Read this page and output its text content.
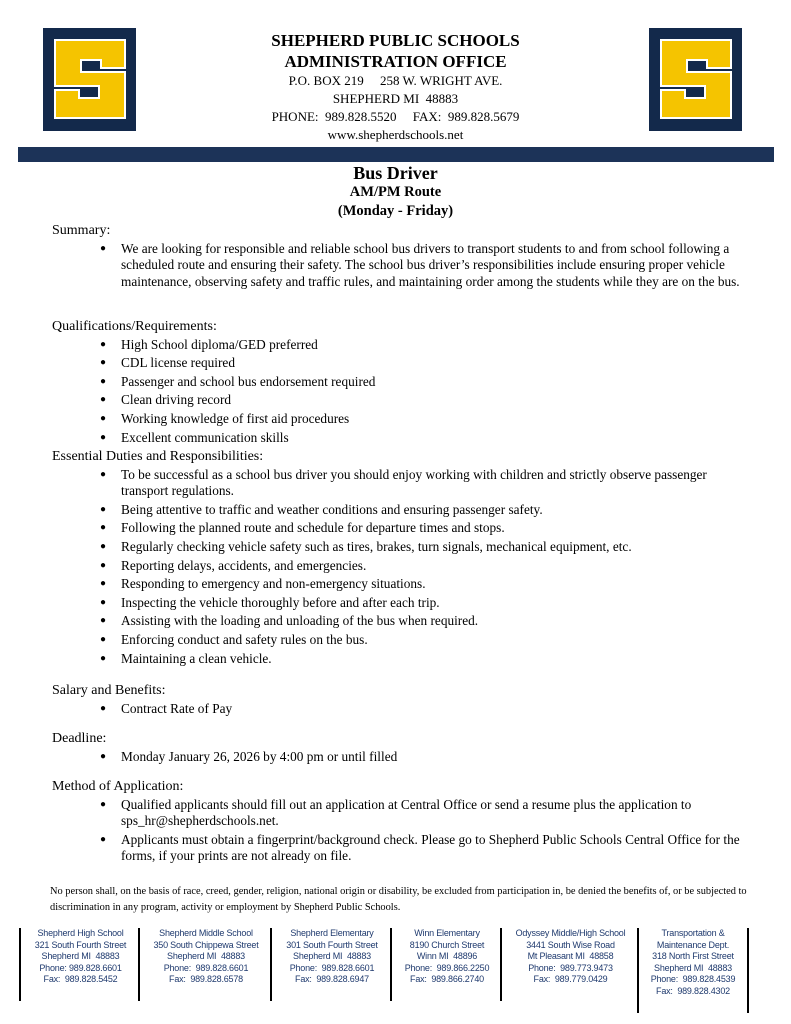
SHEPHERD PUBLIC SCHOOLS
ADMINISTRATION OFFICE
P.O. BOX 219     258 W. WRIGHT AVE.
SHEPHERD MI  48883
PHONE:  989.828.5520     FAX:  989.828.5679
www.shepherdschools.net
Bus Driver
AM/PM Route
(Monday - Friday)
Summary:
● We are looking for responsible and reliable school bus drivers to transport students to and from school following a scheduled route and ensuring their safety. The school bus driver’s responsibilities include ensuring proper vehicle maintenance, observing safety and traffic rules, and maintaining order among the students while they are on the bus.
Qualifications/Requirements:
● High School diploma/GED preferred
● CDL license required
● Passenger and school bus endorsement required
● Clean driving record
● Working knowledge of first aid procedures
● Excellent communication skills
Essential Duties and Responsibilities:
● To be successful as a school bus driver you should enjoy working with children and strictly observe passenger transport regulations.
● Being attentive to traffic and weather conditions and ensuring passenger safety.
● Following the planned route and schedule for departure times and stops.
● Regularly checking vehicle safety such as tires, brakes, turn signals, mechanical equipment, etc.
● Reporting delays, accidents, and emergencies.
● Responding to emergency and non-emergency situations.
● Inspecting the vehicle thoroughly before and after each trip.
● Assisting with the loading and unloading of the bus when required.
● Enforcing conduct and safety rules on the bus.
● Maintaining a clean vehicle.
Salary and Benefits:
● Contract Rate of Pay
Deadline:
● Monday January 26, 2026 by 4:00 pm or until filled
Method of Application:
● Qualified applicants should fill out an application at Central Office or send a resume plus the application to sps_hr@shepherdschools.net.
● Applicants must obtain a fingerprint/background check. Please go to Shepherd Public Schools Central Office for the forms, if your prints are not already on file.
No person shall, on the basis of race, creed, gender, religion, national origin or disability, be excluded from participation in, be denied the benefits of, or be subjected to discrimination in any program, activity or employment by Shepherd Public Schools.
Shepherd High School
321 South Fourth Street
Shepherd MI  48883
Phone: 989.828.6601
Fax:  989.828.5452
Shepherd Middle School
350 South Chippewa Street
Shepherd MI  48883
Phone:  989.828.6601
Fax:  989.828.6578
Shepherd Elementary
301 South Fourth Street
Shepherd MI  48883
Phone:  989.828.6601
Fax:  989.828.6947
Winn Elementary
8190 Church Street
Winn MI  48896
Phone:  989.866.2250
Fax:  989.866.2740
Odyssey Middle/High School
3441 South Wise Road
Mt Pleasant MI  48858
Phone:  989.773.9473
Fax:  989.779.0429
Transportation &
Maintenance Dept.
318 North First Street
Shepherd MI  48883
Phone:  989.828.4539
Fax:  989.828.4302
